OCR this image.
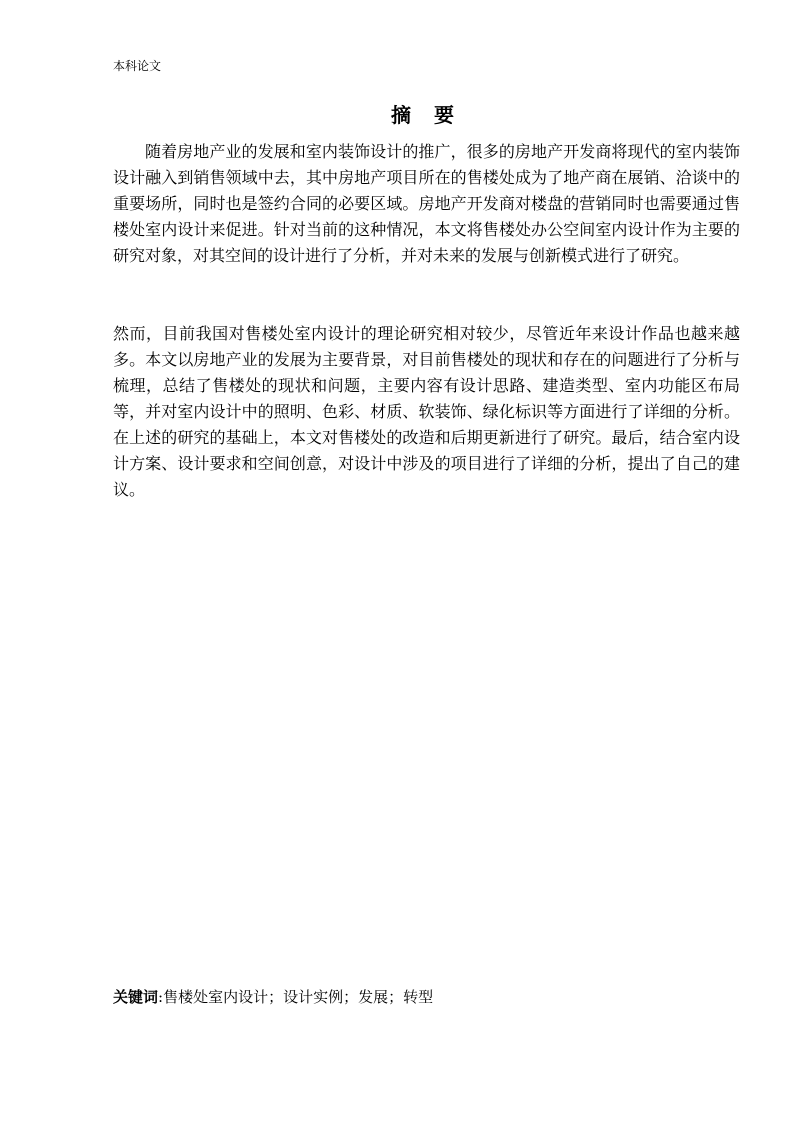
本科论文
摘 要

随着房地产业的发展和室内装饰设计的推广，很多的房地产开发商将现代的室内装饰设计融入到销售领域中去，其中房地产项目所在的售楼处成为了地产商在展销、洽谈中的重要场所，同时也是签约合同的必要区域。房地产开发商对楼盘的营销同时也需要通过售楼处室内设计来促进。针对当前的这种情况，本文将售楼处办公空间室内设计作为主要的研究对象，对其空间的设计进行了分析，并对未来的发展与创新模式进行了研究。

然而，目前我国对售楼处室内设计的理论研究相对较少，尽管近年来设计作品也越来越多。本文以房地产业的发展为主要背景，对目前售楼处的现状和存在的问题进行了分析与梳理，总结了售楼处的现状和问题，主要内容有设计思路、建造类型、室内功能区布局等，并对室内设计中的照明、色彩、材质、软装饰、绿化标识等方面进行了详细的分析。在上述的研究的基础上，本文对售楼处的改造和后期更新进行了研究。最后，结合室内设计方案、设计要求和空间创意，对设计中涉及的项目进行了详细的分析，提出了自己的建议。

关键词:售楼处室内设计；设计实例；发展；转型
